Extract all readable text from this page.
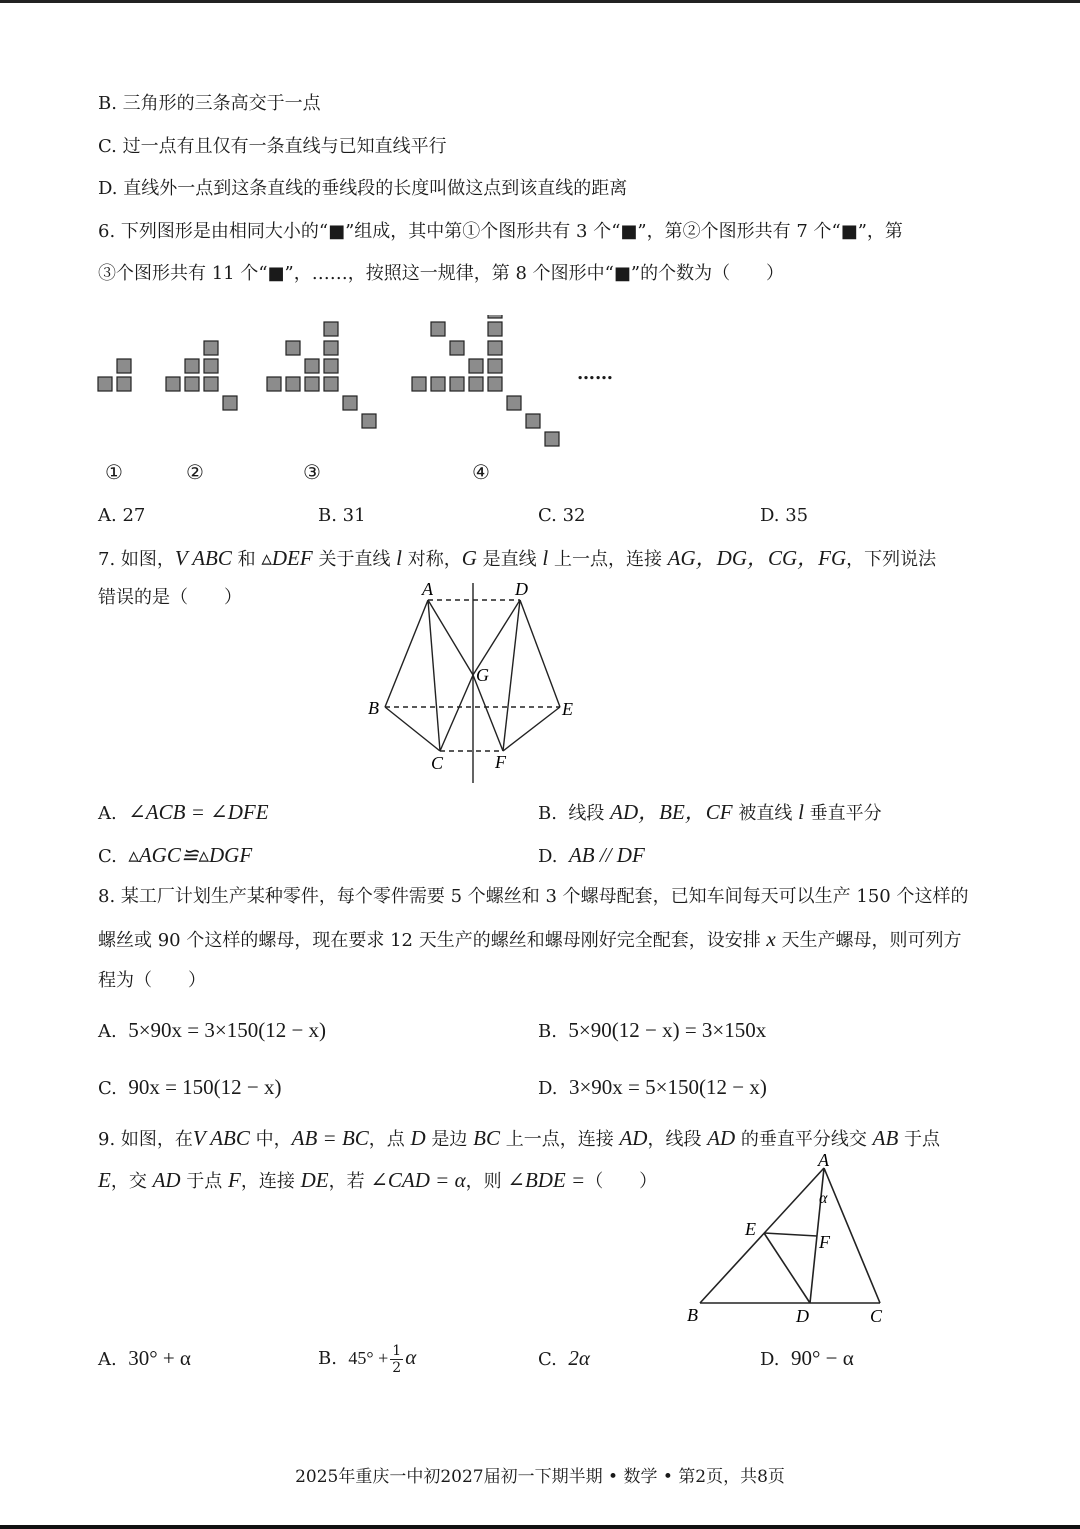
B. 三角形的三条高交于一点
C. 过一点有且仅有一条直线与已知直线平行
D. 直线外一点到这条直线的垂线段的长度叫做这点到该直线的距离
6. 下列图形是由相同大小的“■”组成，其中第①个图形共有 3 个“■”，第②个图形共有 7 个“■”，第
③个图形共有 11 个“■”，……，按照这一规律，第 8 个图形中“■”的个数为（　　）
……
①	②	③	④
A. 27	B. 31	C. 32	D. 35
7. 如图，V ABC 和 ▵DEF 关于直线 l 对称，G 是直线 l 上一点，连接 AG，DG，CG，FG，下列说法
错误的是（　　）	A	D
G
B	E
C	F
A. ∠ACB = ∠DFE	B. 线段 AD，BE，CF 被直线 l 垂直平分
C. ▵AGC≌▵DGF	D. AB // DF
8. 某工厂计划生产某种零件，每个零件需要 5 个螺丝和 3 个螺母配套，已知车间每天可以生产 150 个这样的
螺丝或 90 个这样的螺母，现在要求 12 天生产的螺丝和螺母刚好完全配套，设安排 x 天生产螺母，则可列方
程为（　　）
A. 5×90x = 3×150(12 − x)	B. 5×90(12 − x) = 3×150x
C. 90x = 150(12 − x)	D. 3×90x = 5×150(12 − x)
9. 如图，在V ABC 中，AB = BC，点 D 是边 BC 上一点，连接 AD，线段 AD 的垂直平分线交 AB 于点
E，交 AD 于点 F，连接 DE，若 ∠CAD = α，则 ∠BDE =（　　）
A
α
E
F
B	D	C
A. 30° + α	B. $45^\circ + \frac{1}{2}$ α	C. 2α	D. 90° − α
2025年重庆一中初2027届初一下期半期 • 数学 • 第2页，共8页
